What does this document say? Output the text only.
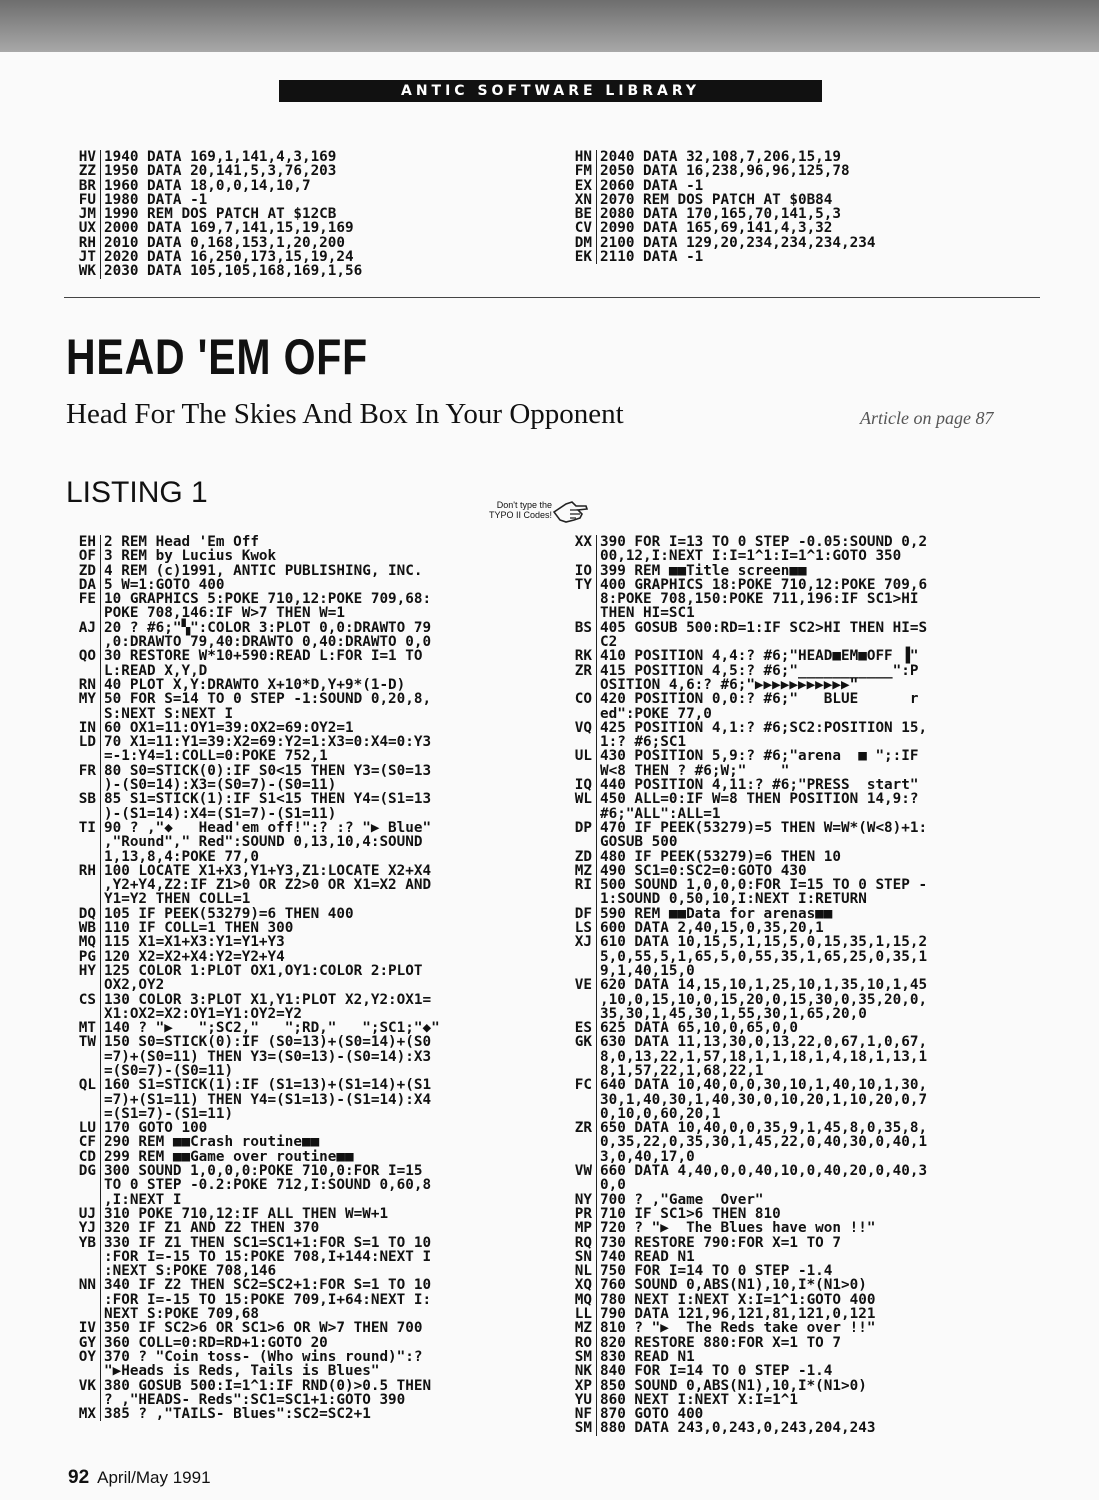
ANTIC SOFTWARE LIBRARY
HV 1940 DATA 169,1,141,4,3,169
ZZ 1950 DATA 20,141,5,3,76,203
BR 1960 DATA 18,0,0,14,10,7
FU 1980 DATA -1
JM 1990 REM DOS PATCH AT $12CB
UX 2000 DATA 169,7,141,15,19,169
RH 2010 DATA 0,168,153,1,20,200
JT 2020 DATA 16,250,173,15,19,24
WK 2030 DATA 105,105,168,169,1,56
HN 2040 DATA 32,108,7,206,15,19
FM 2050 DATA 16,238,96,96,125,78
EX 2060 DATA -1
XN 2070 REM DOS PATCH AT $0B84
BE 2080 DATA 170,165,70,141,5,3
CV 2090 DATA 165,69,141,4,3,32
DM 2100 DATA 129,20,234,234,234,234
EK 2110 DATA -1
HEAD 'EM OFF
Head For The Skies And Box In Your Opponent	Article on page 87
LISTING 1	Don't type the TYPO II Codes!
EH 2 REM Head 'Em Off
OF 3 REM by Lucius Kwok
ZD 4 REM (c)1991, ANTIC PUBLISHING, INC.
DA 5 W=1:GOTO 400
FE 10 GRAPHICS 5:POKE 710,12:POKE 709,68:
POKE 708,146:IF W>7 THEN W=1
AJ 20 ? #6;"▚":COLOR 3:PLOT 0,0:DRAWTO 79
,0:DRAWTO 79,40:DRAWTO 0,40:DRAWTO 0,0
QO 30 RESTORE W*10+590:READ L:FOR I=1 TO
L:READ X,Y,D
RN 40 PLOT X,Y:DRAWTO X+10*D,Y+9*(1-D)
MY 50 FOR S=14 TO 0 STEP -1:SOUND 0,20,8,
S:NEXT S:NEXT I
IN 60 OX1=11:OY1=39:OX2=69:OY2=1
LD 70 X1=11:Y1=39:X2=69:Y2=1:X3=0:X4=0:Y3
=-1:Y4=1:COLL=0:POKE 752,1
FR 80 S0=STICK(0):IF S0<15 THEN Y3=(S0=13
)-(S0=14):X3=(S0=7)-(S0=11)
SB 85 S1=STICK(1):IF S1<15 THEN Y4=(S1=13
)-(S1=14):X4=(S1=7)-(S1=11)
TI 90 ? ,"◆   Head'em off!":? :? "▶ Blue"
,"Round"," Red":SOUND 0,13,10,4:SOUND
1,13,8,4:POKE 77,0
RH 100 LOCATE X1+X3,Y1+Y3,Z1:LOCATE X2+X4
,Y2+Y4,Z2:IF Z1>0 OR Z2>0 OR X1=X2 AND
Y1=Y2 THEN COLL=1
DQ 105 IF PEEK(53279)=6 THEN 400
WB 110 IF COLL=1 THEN 300
MQ 115 X1=X1+X3:Y1=Y1+Y3
PG 120 X2=X2+X4:Y2=Y2+Y4
HY 125 COLOR 1:PLOT OX1,OY1:COLOR 2:PLOT
OX2,OY2
CS 130 COLOR 3:PLOT X1,Y1:PLOT X2,Y2:OX1=
X1:OX2=X2:OY1=Y1:OY2=Y2
MT 140 ? "▶   ";SC2,"   ";RD,"   ";SC1;"◆"
TW 150 S0=STICK(0):IF (S0=13)+(S0=14)+(S0
=7)+(S0=11) THEN Y3=(S0=13)-(S0=14):X3
=(S0=7)-(S0=11)
QL 160 S1=STICK(1):IF (S1=13)+(S1=14)+(S1
=7)+(S1=11) THEN Y4=(S1=13)-(S1=14):X4
=(S1=7)-(S1=11)
LU 170 GOTO 100
CF 290 REM ■■Crash routine■■
CD 299 REM ■■Game over routine■■
DG 300 SOUND 1,0,0,0:POKE 710,0:FOR I=15
TO 0 STEP -0.2:POKE 712,I:SOUND 0,60,8
,I:NEXT I
UJ 310 POKE 710,12:IF ALL THEN W=W+1
YJ 320 IF Z1 AND Z2 THEN 370
YB 330 IF Z1 THEN SC1=SC1+1:FOR S=1 TO 10
:FOR I=-15 TO 15:POKE 708,I+144:NEXT I
:NEXT S:POKE 708,146
NN 340 IF Z2 THEN SC2=SC2+1:FOR S=1 TO 10
:FOR I=-15 TO 15:POKE 709,I+64:NEXT I:
NEXT S:POKE 709,68
IV 350 IF SC2>6 OR SC1>6 OR W>7 THEN 700
GY 360 COLL=0:RD=RD+1:GOTO 20
OY 370 ? "Coin toss- (Who wins round)":?
"▶Heads is Reds, Tails is Blues"
VK 380 GOSUB 500:I=1^1:IF RND(0)>0.5 THEN
? ,"HEADS- Reds":SC1=SC1+1:GOTO 390
MX 385 ? ,"TAILS- Blues":SC2=SC2+1
XX 390 FOR I=13 TO 0 STEP -0.05:SOUND 0,2
00,12,I:NEXT I:I=1^1:I=1^1:GOTO 350
IO 399 REM ■■Title screen■■
TY 400 GRAPHICS 18:POKE 710,12:POKE 709,6
8:POKE 708,150:POKE 711,196:IF SC1>HI
THEN HI=SC1
BS 405 GOSUB 500:RD=1:IF SC2>HI THEN HI=S
C2
RK 410 POSITION 4,4:? #6;"HEAD■EM■OFF ▐"
ZR 415 POSITION 4,5:? #6;"___________":P
OSITION 4,6:? #6;"▶▶▶▶▶▶▶▶▶▶▶"
CO 420 POSITION 0,0:? #6;"   BLUE      r
ed":POKE 77,0
VQ 425 POSITION 4,1:? #6;SC2:POSITION 15,
1:? #6;SC1
UL 430 POSITION 5,9:? #6;"arena  ■ ";:IF
W<8 THEN ? #6;W;"    "
IQ 440 POSITION 4,11:? #6;"PRESS  start"
WL 450 ALL=0:IF W=8 THEN POSITION 14,9:?
#6;"ALL":ALL=1
DP 470 IF PEEK(53279)=5 THEN W=W*(W<8)+1:
GOSUB 500
ZD 480 IF PEEK(53279)=6 THEN 10
MZ 490 SC1=0:SC2=0:GOTO 430
RI 500 SOUND 1,0,0,0:FOR I=15 TO 0 STEP -
1:SOUND 0,50,10,I:NEXT I:RETURN
DF 590 REM ■■Data for arenas■■
LS 600 DATA 2,40,15,0,35,20,1
XJ 610 DATA 10,15,5,1,15,5,0,15,35,1,15,2
5,0,55,5,1,65,5,0,55,35,1,65,25,0,35,1
9,1,40,15,0
VE 620 DATA 14,15,10,1,25,10,1,35,10,1,45
,10,0,15,10,0,15,20,0,15,30,0,35,20,0,
35,30,1,45,30,1,55,30,1,65,20,0
ES 625 DATA 65,10,0,65,0,0
GK 630 DATA 11,13,30,0,13,22,0,67,1,0,67,
8,0,13,22,1,57,18,1,1,18,1,4,18,1,13,1
8,1,57,22,1,68,22,1
FC 640 DATA 10,40,0,0,30,10,1,40,10,1,30,
30,1,40,30,1,40,30,0,10,20,1,10,20,0,7
0,10,0,60,20,1
ZR 650 DATA 10,40,0,0,35,9,1,45,8,0,35,8,
0,35,22,0,35,30,1,45,22,0,40,30,0,40,1
3,0,40,17,0
VW 660 DATA 4,40,0,0,40,10,0,40,20,0,40,3
0,0
NY 700 ? ,"Game  Over"
PR 710 IF SC1>6 THEN 810
MP 720 ? "▶  The Blues have won !!"
RQ 730 RESTORE 790:FOR X=1 TO 7
SN 740 READ N1
NL 750 FOR I=14 TO 0 STEP -1.4
XQ 760 SOUND 0,ABS(N1),10,I*(N1>0)
MQ 780 NEXT I:NEXT X:I=1^1:GOTO 400
LL 790 DATA 121,96,121,81,121,0,121
MZ 810 ? "▶  The Reds take over !!"
RO 820 RESTORE 880:FOR X=1 TO 7
SM 830 READ N1
NK 840 FOR I=14 TO 0 STEP -1.4
XP 850 SOUND 0,ABS(N1),10,I*(N1>0)
YU 860 NEXT I:NEXT X:I=1^1
NF 870 GOTO 400
SM 880 DATA 243,0,243,0,243,204,243
92 April/May 1991
